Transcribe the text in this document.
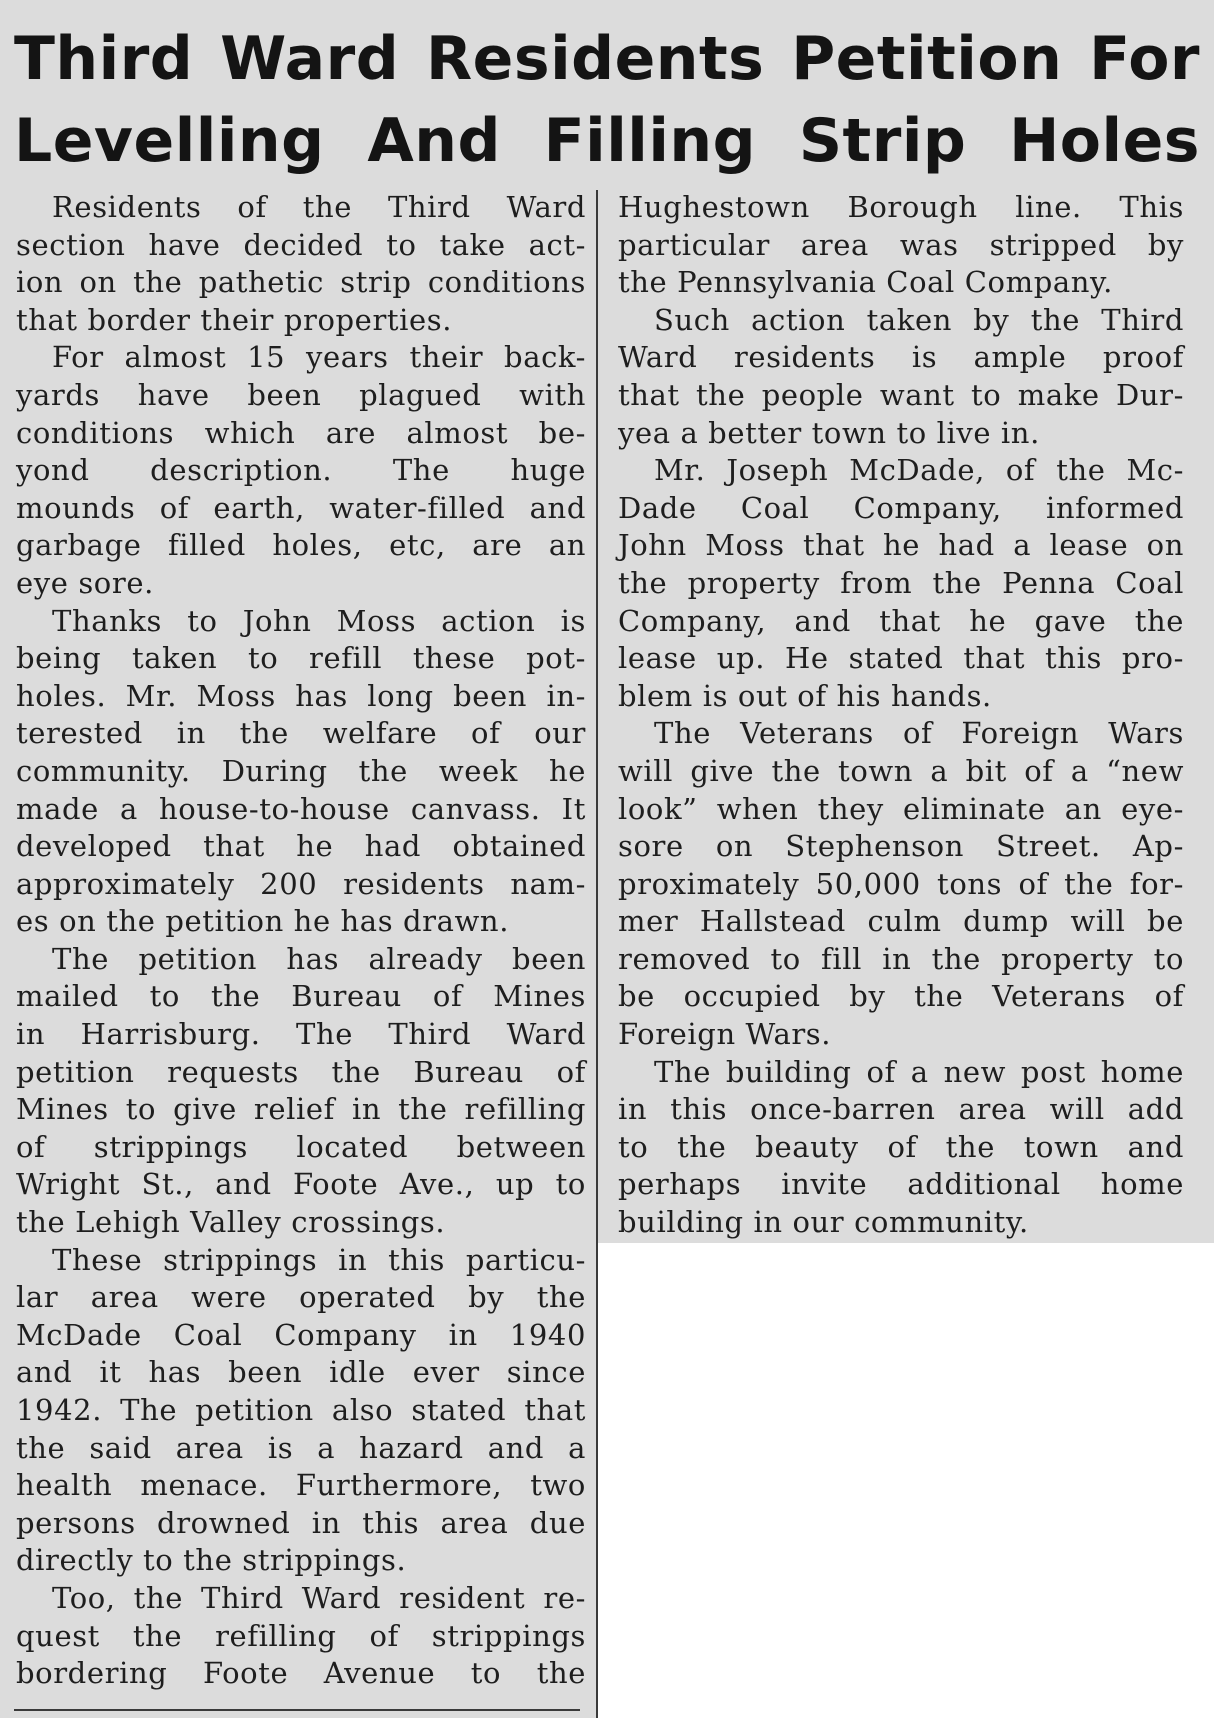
Third Ward Residents Petition For
Levelling And Filling Strip Holes
Residents of the Third Ward
section have decided to take act-
ion on the pathetic strip conditions
that border their properties.
For almost 15 years their back-
yards have been plagued with
conditions which are almost be-
yond description. The huge
mounds of earth, water-filled and
garbage filled holes, etc, are an
eye sore.
Thanks to John Moss action is
being taken to refill these pot-
holes. Mr. Moss has long been in-
terested in the welfare of our
community. During the week he
made a house-to-house canvass. It
developed that he had obtained
approximately 200 residents nam-
es on the petition he has drawn.
The petition has already been
mailed to the Bureau of Mines
in Harrisburg. The Third Ward
petition requests the Bureau of
Mines to give relief in the refilling
of strippings located between
Wright St., and Foote Ave., up to
the Lehigh Valley crossings.
These strippings in this particu-
lar area were operated by the
McDade Coal Company in 1940
and it has been idle ever since
1942. The petition also stated that
the said area is a hazard and a
health menace. Furthermore, two
persons drowned in this area due
directly to the strippings.
Too, the Third Ward resident re-
quest the refilling of strippings
bordering Foote Avenue to the
Hughestown Borough line. This
particular area was stripped by
the Pennsylvania Coal Company.
Such action taken by the Third
Ward residents is ample proof
that the people want to make Dur-
yea a better town to live in.
Mr. Joseph McDade, of the Mc-
Dade Coal Company, informed
John Moss that he had a lease on
the property from the Penna Coal
Company, and that he gave the
lease up. He stated that this pro-
blem is out of his hands.
The Veterans of Foreign Wars
will give the town a bit of a “new
look” when they eliminate an eye-
sore on Stephenson Street. Ap-
proximately 50,000 tons of the for-
mer Hallstead culm dump will be
removed to fill in the property to
be occupied by the Veterans of
Foreign Wars.
The building of a new post home
in this once-barren area will add
to the beauty of the town and
perhaps invite additional home
building in our community.
